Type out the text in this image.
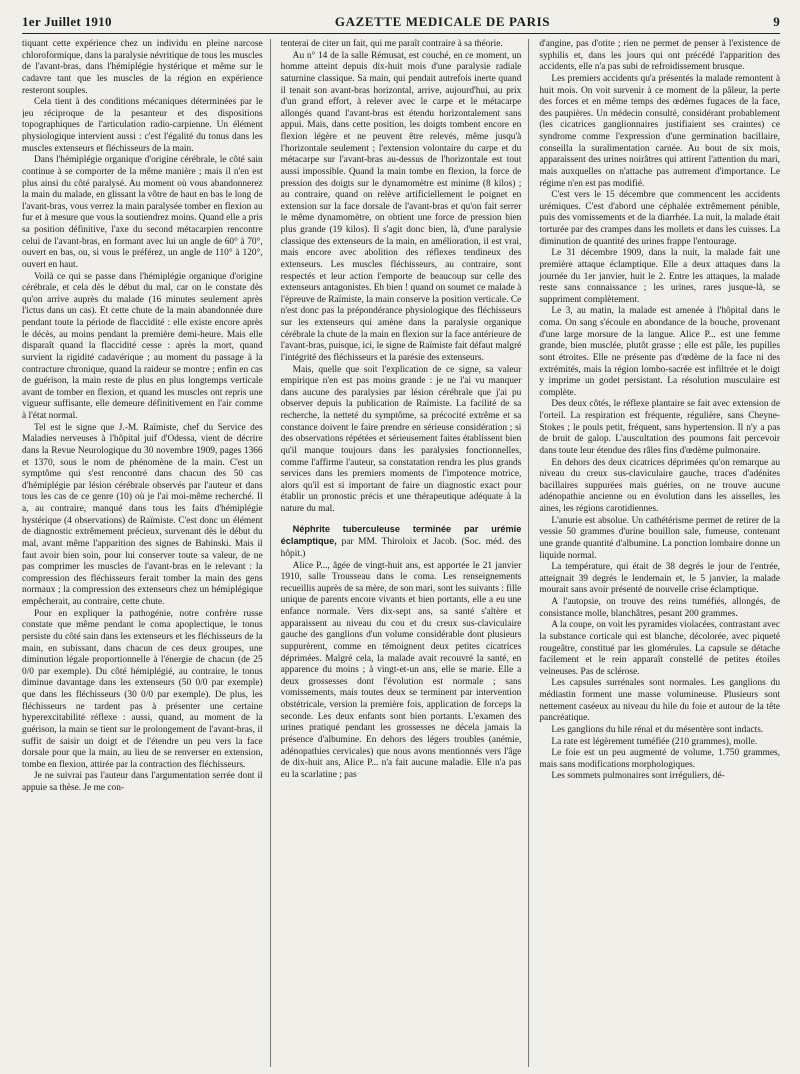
1er Juillet 1910	GAZETTE MEDICALE DE PARIS	9

tiquant cette expérience chez un individu en pleine narcose chloroformique, dans la paralysie névritique de tous les muscles de l'avant-bras, dans l'hémiplégie hystérique et même sur le cadavre tant que les muscles de la région en expérience resteront souples.

Cela tient à des conditions mécaniques déterminées par le jeu réciproque de la pesanteur et des dispositions topographiques de l'articulation radio-carpienne. Un élément physiologique intervient aussi : c'est l'égalité du tonus dans les muscles extenseurs et fléchisseurs de la main.

Dans l'hémiplégie organique d'origine cérébrale, le côté sain continue à se comporter de la même manière ; mais il n'en est plus ainsi du côté paralysé. Au moment où vous abandonnerez la main du malade, en glissant la vôtre de haut en bas le long de l'avant-bras, vous verrez la main paralysée tomber en flexion au fur et à mesure que vous la soutiendrez moins. Quand elle a pris sa position définitive, l'axe du second métacarpien rencontre celui de l'avant-bras, en formant avec lui un angle de 60° à 70°, ouvert en bas, ou, si vous le préférez, un angle de 110° à 120°, ouvert en haut.

Voilà ce qui se passe dans l'hémiplégie organique d'origine cérébrale, et cela dès le début du mal, car on le constate dès qu'on arrive auprès du malade (16 minutes seulement après l'ictus dans un cas). Et cette chute de la main abandonnée dure pendant toute la période de flaccidité : elle existe encore après le décès, au moins pendant la première demi-heure. Mais elle disparaît quand la flaccidité cesse : après la mort, quand survient la rigidité cadavérique ; au moment du passage à la contracture chronique, quand la raideur se montre ; enfin en cas de guérison, la main reste de plus en plus longtemps verticale avant de tomber en flexion, et quand les muscles ont repris une vigueur suffisante, elle demeure définitivement en l'air comme à l'état normal.

Tel est le signe que J.-M. Raïmiste, chef du Service des Maladies nerveuses à l'hôpital juif d'Odessa, vient de décrire dans la Revue Neurologique du 30 novembre 1909, pages 1366 et 1370, sous le nom de phénomène de la main. C'est un symptôme qui s'est rencontré dans chacun des 50 cas d'hémiplégie par lésion cérébrale observés par l'auteur et dans tous les cas de ce genre (10) où je l'ai moi-même recherché. Il a, au contraire, manqué dans tous les faits d'hémiplégie hystérique (4 observations) de Raïmiste. C'est donc un élément de diagnostic extrêmement précieux, survenant dès le début du mal, avant même l'apparition des signes de Babinski. Mais il faut avoir bien soin, pour lui conserver toute sa valeur, de ne pas comprimer les muscles de l'avant-bras en le relevant : la compression des fléchisseurs ferait tomber la main des gens normaux ; la compression des extenseurs chez un hémiplégique empêcherait, au contraire, cette chute.

Pour en expliquer la pathogénie, notre confrère russe constate que même pendant le coma apoplectique, le tonus persiste du côté sain dans les extenseurs et les fléchisseurs de la main, en subissant, dans chacun de ces deux groupes, une diminution légale proportionnelle à l'énergie de chacun (de 25 0/0 par exemple). Du côté hémiplégié, au contraire, le tonus diminue davantage dans les extenseurs (50 0/0 par exemple) que dans les fléchisseurs (30 0/0 par exemple). De plus, les fléchisseurs ne tardent pas à présenter une certaine hyperexcitabilité réflexe : aussi, quand, au moment de la guérison, la main se tient sur le prolongement de l'avant-bras, il suffit de saisir un doigt et de l'étendre un peu vers la face dorsale pour que la main, au lieu de se renverser en extension, tombe en flexion, attirée par la contraction des fléchisseurs.

Je ne suivrai pas l'auteur dans l'argumentation serrée dont il appuie sa thèse. Je me con-

tenterai de citer un fait, qui me paraît contraire à sa théorie.

Au n° 14 de la salle Rémusat, est couché, en ce moment, un homme atteint depuis dix-huit mois d'une paralysie radiale saturnine classique. Sa main, qui pendait autrefois inerte quand il tenait son avant-bras horizontal, arrive, aujourd'hui, au prix d'un grand effort, à relever avec le carpe et le métacarpe allongés quand l'avant-bras est étendu horizontalement sans appui. Mais, dans cette position, les doigts tombent encore en flexion légère et ne peuvent être relevés, même jusqu'à l'horizontale seulement ; l'extension volontaire du carpe et du métacarpe sur l'avant-bras au-dessus de l'horizontale est tout aussi impossible. Quand la main tombe en flexion, la force de pression des doigts sur le dynamomètre est minime (8 kilos) ; au contraire, quand on relève artificiellement le poignet en extension sur la face dorsale de l'avant-bras et qu'on fait serrer le même dynamomètre, on obtient une force de pression bien plus grande (19 kilos). Il s'agit donc bien, là, d'une paralysie classique des extenseurs de la main, en amélioration, il est vrai, mais encore avec abolition des réflexes tendineux des extenseurs. Les muscles fléchisseurs, au contraire, sont respectés et leur action l'emporte de beaucoup sur celle des extenseurs antagonistes. Eh bien ! quand on soumet ce malade à l'épreuve de Raïmiste, la main conserve la position verticale. Ce n'est donc pas la prépondérance physiologique des fléchisseurs sur les extenseurs qui amène dans la paralysie organique cérébrale la chute de la main en flexion sur la face antérieure de l'avant-bras, puisque, ici, le signe de Raïmiste fait défaut malgré l'intégrité des fléchisseurs et la parésie des extenseurs.

Mais, quelle que soit l'explication de ce signe, sa valeur empirique n'en est pas moins grande : je ne l'ai vu manquer dans aucune des paralysies par lésion cérébrale que j'ai pu observer depuis la publication de Raïmiste. La facilité de sa recherche, la netteté du symptôme, sa précocité extrême et sa constance doivent le faire prendre en sérieuse considération ; si des observations répétées et sérieusement faites établissent bien qu'il manque toujours dans les paralysies fonctionnelles, comme l'affirme l'auteur, sa constatation rendra les plus grands services dans les premiers moments de l'impotence motrice, alors qu'il est si important de faire un diagnostic exact pour établir un pronostic précis et une thérapeutique adéquate à la nature du mal.

Néphrite tuberculeuse terminée par urémie éclamptique, par MM. Thiroloix et Jacob. (Soc. méd. des hôpit.)

Alice P..., âgée de vingt-huit ans, est apportée le 21 janvier 1910, salle Trousseau dans le coma. Les renseignements recueillis auprès de sa mère, de son mari, sont les suivants : fille unique de parents encore vivants et bien portants, elle a eu une enfance normale. Vers dix-sept ans, sa santé s'altère et apparaissent au niveau du cou et du creux sus-claviculaire gauche des ganglions d'un volume considérable dont plusieurs suppurèrent, comme en témoignent deux petites cicatrices déprimées. Malgré cela, la malade avait recouvré la santé, en apparence du moins ; à vingt-et-un ans, elle se marie. Elle a deux grossesses dont l'évolution est normale ; sans vomissements, mais toutes deux se terminent par intervention obstétricale, version la première fois, application de forceps la seconde. Les deux enfants sont bien portants. L'examen des urines pratiqué pendant les grossesses ne décela jamais la présence d'albumine. En dehors des légers troubles (anémie, adénopathies cervicales) que nous avons mentionnés vers l'âge de dix-huit ans, Alice P... n'a fait aucune maladie. Elle n'a pas eu la scarlatine ; pas

d'angine, pas d'otite ; rien ne permet de penser à l'existence de syphilis et, dans les jours qui ont précédé l'apparition des accidents, elle n'a pas subi de refroidissement brusque.

Les premiers accidents qu'a présentés la malade remontent à huit mois. On voit survenir à ce moment de la pâleur, la perte des forces et en même temps des œdèmes fugaces de la face, des paupières. Un médecin consulté, considérant probablement (les cicatrices ganglionnaires justifiaient ses craintes) ce syndrome comme l'expression d'une germination bacillaire, conseilla la suralimentation carnée. Au bout de six mois, apparaissent des urines noirâtres qui attirent l'attention du mari, mais auxquelles on n'attache pas autrement d'importance. Le régime n'en est pas modifié.

C'est vers le 15 décembre que commencent les accidents urémiques. C'est d'abord une céphalée extrêmement pénible, puis des vomissements et de la diarrhée. La nuit, la malade était torturée par des crampes dans les mollets et dans les cuisses. La diminution de quantité des urines frappe l'entourage.

Le 31 décembre 1909, dans la nuit, la malade fait une première attaque éclamptique. Elle a deux attaques dans la journée du 1er janvier, huit le 2. Entre les attaques, la malade reste sans connaissance ; les urines, rares jusque-là, se suppriment complètement.

Le 3, au matin, la malade est amenée à l'hôpital dans le coma. On sang s'écoule en abondance de la bouche, provenant d'une large morsure de la langue. Alice P... est une femme grande, bien musclée, plutôt grasse ; elle est pâle, les pupilles sont étroites. Elle ne présente pas d'œdème de la face ni des extrémités, mais la région lombo-sacrée est infiltrée et le doigt y imprime un godet persistant. La résolution musculaire est complète.

Des deux côtés, le réflexe plantaire se fait avec extension de l'orteil. La respiration est fréquente, régulière, sans Cheyne-Stokes ; le pouls petit, fréquent, sans hypertension. Il n'y a pas de bruit de galop. L'auscultation des poumons fait percevoir dans toute leur étendue des râles fins d'œdème pulmonaire.

En dehors des deux cicatrices déprimées qu'on remarque au niveau du creux sus-claviculaire gauche, traces d'adénites bacillaires suppurées mais guéries, on ne trouve aucune adénopathie ancienne ou en évolution dans les aisselles, les aines, les régions carotidiennes.

L'anurie est absolue. Un cathétérisme permet de retirer de la vessie 50 grammes d'urine bouillon sale, fumeuse, contenant une grande quantité d'albumine. La ponction lombaire donne un liquide normal.

La température, qui était de 38 degrés le jour de l'entrée, atteignait 39 degrés le lendemain et, le 5 janvier, la malade mourait sans avoir présenté de nouvelle crise éclamptique.

A l'autopsie, on trouve des reins tuméfiés, allongés, de consistance molle, blanchâtres, pesant 200 grammes.

A la coupe, on voit les pyramides violacées, contrastant avec la substance corticale qui est blanche, décolorée, avec piqueté rougeâtre, constitué par les glomérules. La capsule se détache facilement et le rein apparaît constellé de petites étoiles veineuses. Pas de sclérose.

Les capsules surrénales sont normales. Les ganglions du médiastin forment une masse volumineuse. Plusieurs sont nettement caséeux au niveau du hile du foie et autour de la tête pancréatique.

Les ganglions du hile rénal et du mésentère sont indacts.

La rate est légèrement tuméfiée (210 grammes), molle.

Le foie est un peu augmenté de volume, 1.750 grammes, mais sans modifications morphologiques.

Les sommets pulmonaires sont irréguliers, dé-
